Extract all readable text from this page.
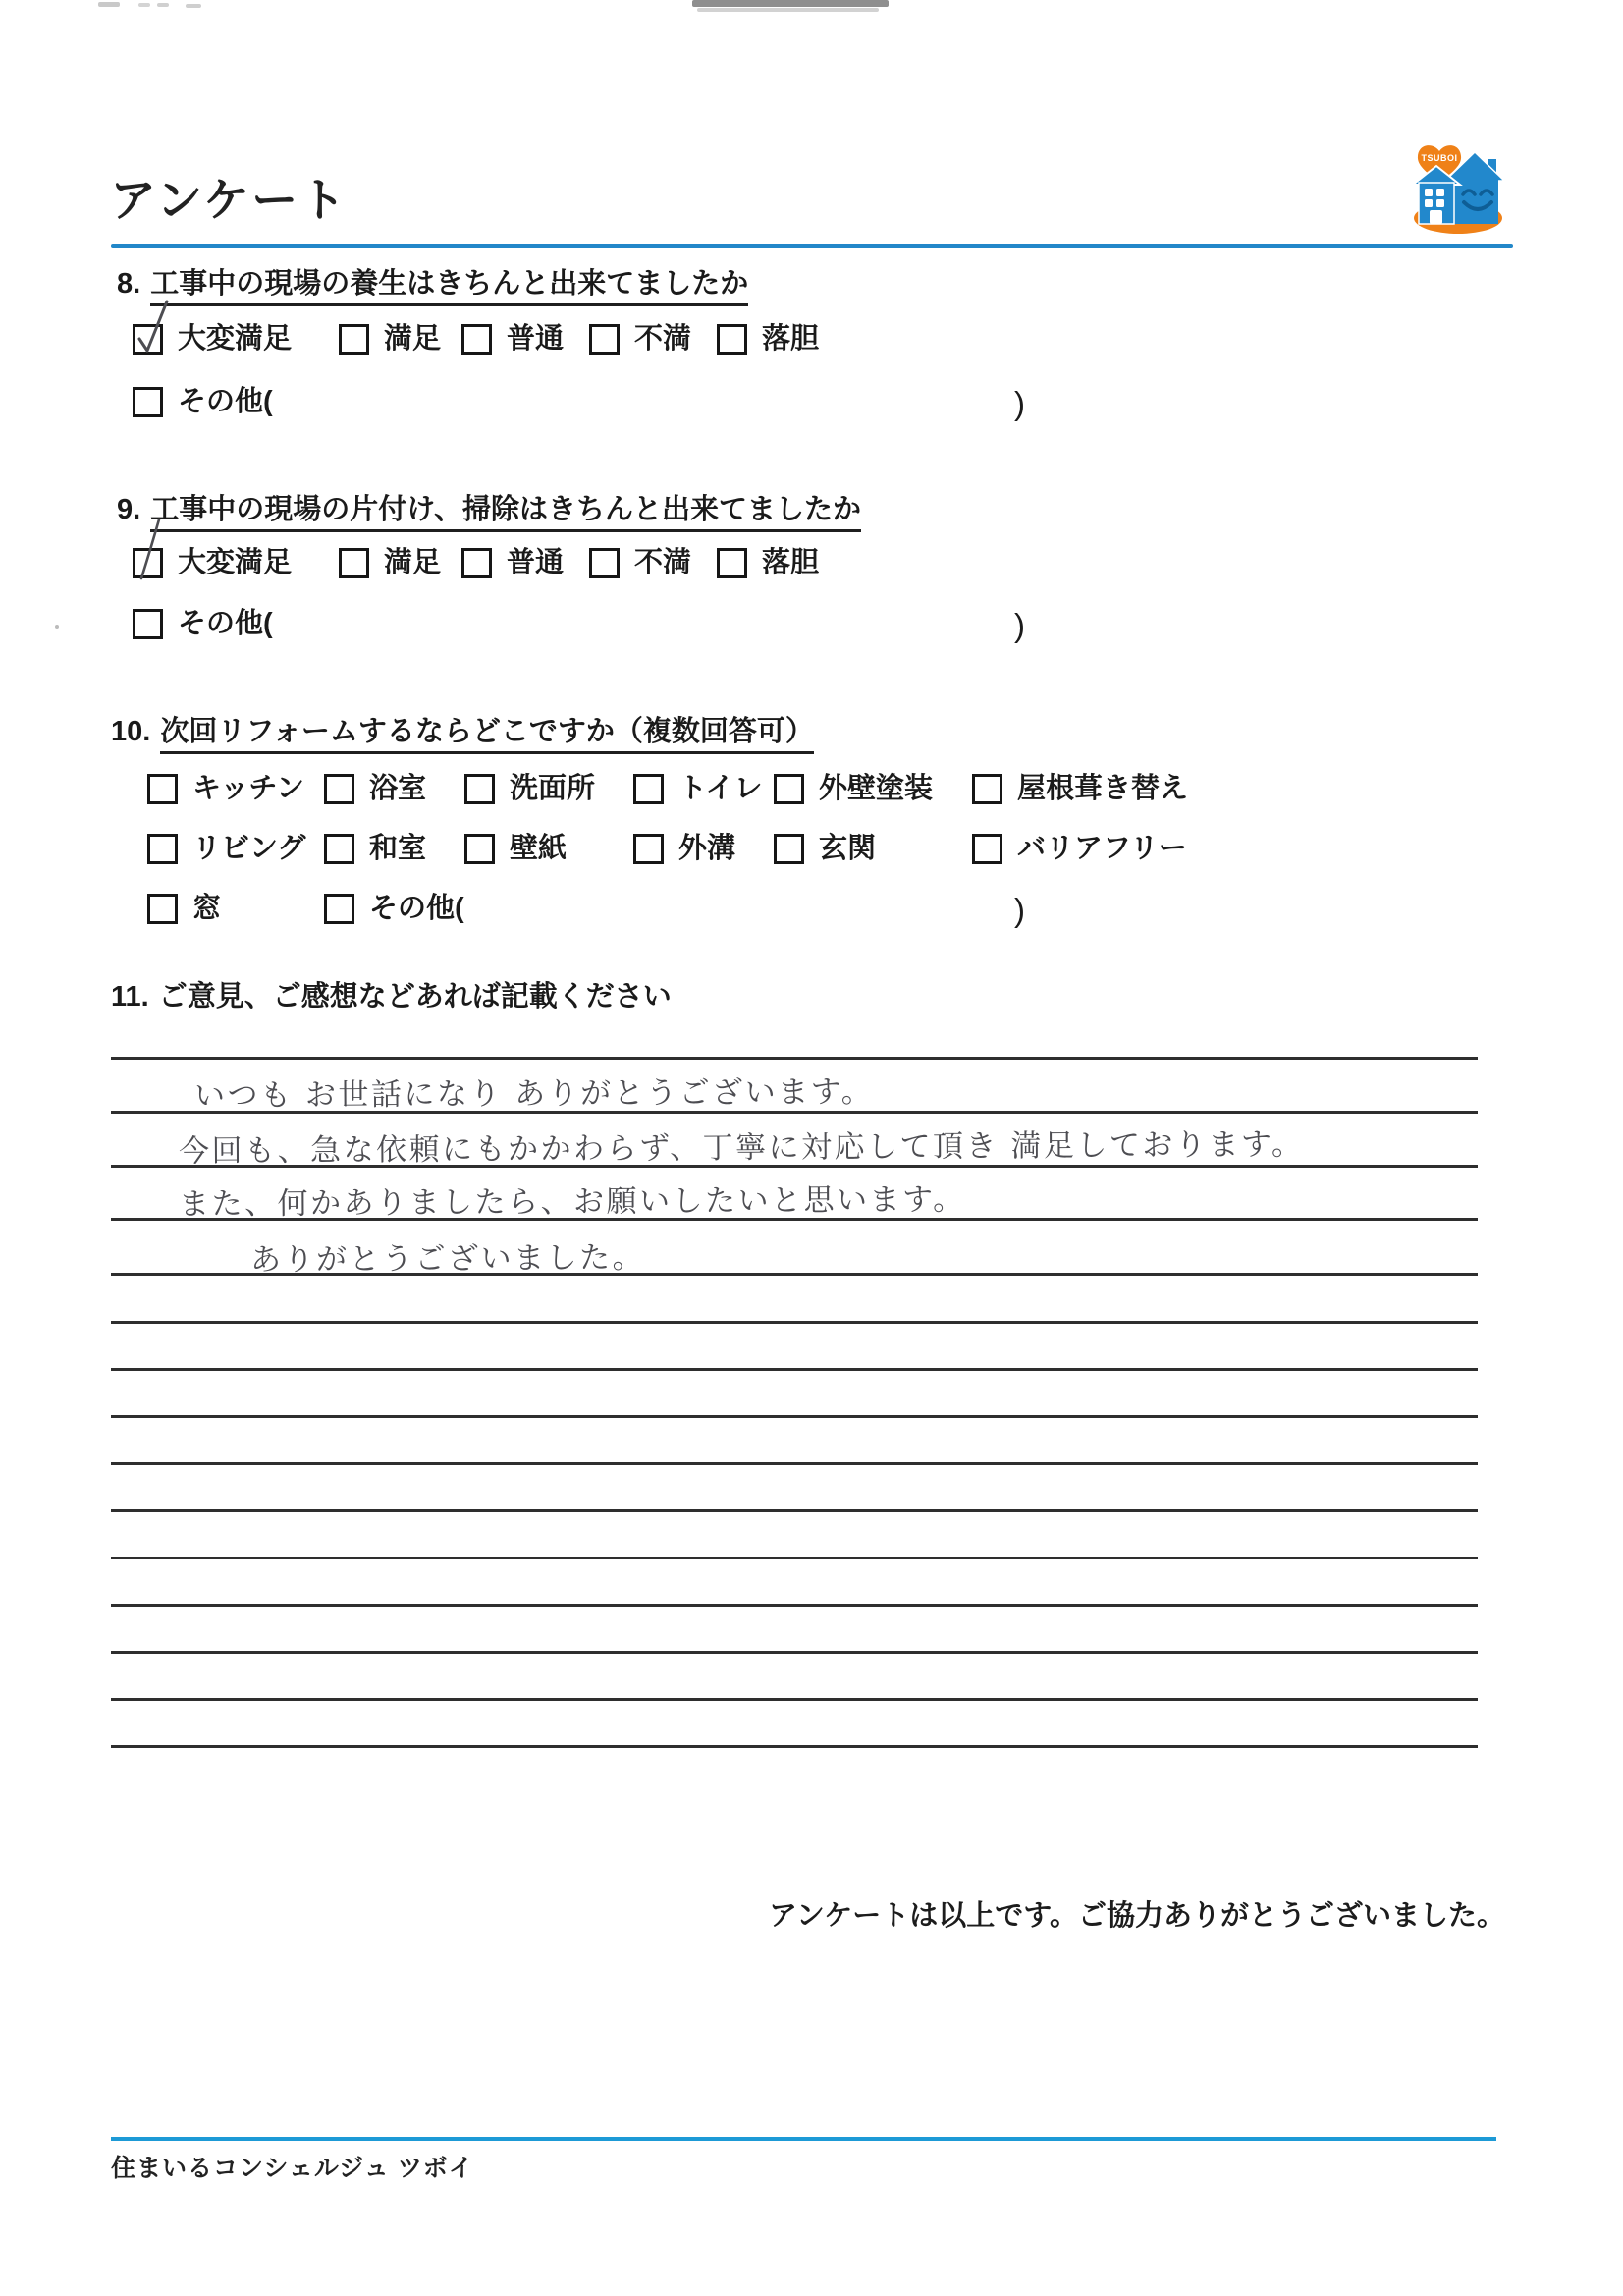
アンケート
TSUBOI
8. 工事中の現場の養生はきちんと出来てましたか
大変満足	満足 普通 不満 落胆
その他(	)
9. 工事中の現場の片付け、掃除はきちんと出来てましたか
大変満足	満足 普通 不満 落胆
その他(	)
10. 次回リフォームするならどこですか（複数回答可）
キッチン 浴室	洗面所	トイレ 外壁塗装	屋根葺き替え
リビング 和室	壁紙	外溝	玄関	バリアフリー
窓	その他(	)
11. ご意見、ご感想などあれば記載ください
いつも お世話になり ありがとうございます。
今回も、急な依頼にもかかわらず、丁寧に対応して頂き 満足しております。
また、何かありましたら、お願いしたいと思います。
ありがとうございました。
アンケートは以上です。ご協力ありがとうございました。
住まいるコンシェルジュ ツボイ
